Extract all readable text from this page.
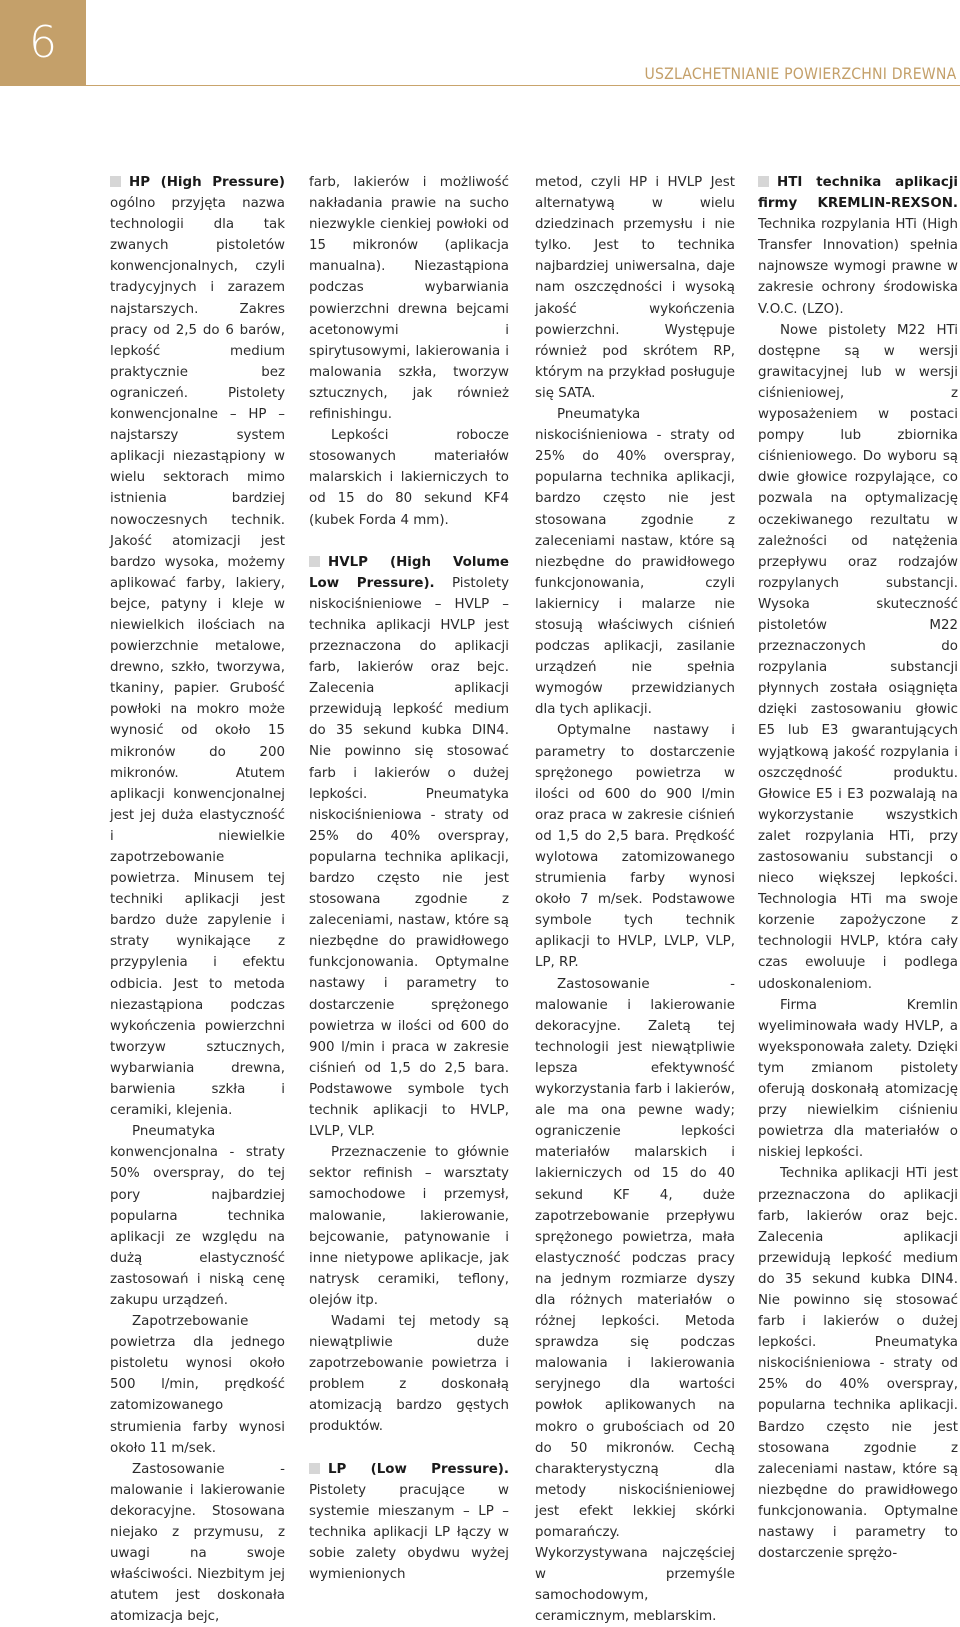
6
USZLACHETNIANIE POWIERZCHNI DREWNA

HP (High Pressure) ogólno przyjęta nazwa technologii dla tak zwanych pistoletów konwencjonalnych, czyli tradycyjnych i zarazem najstarszych. Zakres pracy od 2,5 do 6 barów, lepkość medium praktycznie bez ograniczeń. Pistolety konwencjonalne – HP – najstarszy system aplikacji niezastąpiony w wielu sektorach mimo istnienia bardziej nowoczesnych technik. Jakość atomizacji jest bardzo wysoka, możemy aplikować farby, lakiery, bejce, patyny i kleje w niewielkich ilościach na powierzchnie metalowe, drewno, szkło, tworzywa, tkaniny, papier. Grubość powłoki na mokro może wynosić od około 15 mikronów do 200 mikronów. Atutem aplikacji konwencjonalnej jest jej duża elastyczność i niewielkie zapotrzebowanie powietrza. Minusem tej techniki aplikacji jest bardzo duże zapylenie i straty wynikające z przypylenia i efektu odbicia. Jest to metoda niezastąpiona podczas wykończenia powierzchni tworzyw sztucznych, wybarwiania drewna, barwienia szkła i ceramiki, klejenia.

Pneumatyka konwencjonalna - straty 50% overspray, do tej pory najbardziej popularna technika aplikacji ze względu na dużą elastyczność zastosowań i niską cenę zakupu urządzeń.

Zapotrzebowanie powietrza dla jednego pistoletu wynosi około 500 l/min, prędkość zatomizowanego strumienia farby wynosi około 11 m/sek.

Zastosowanie - malowanie i lakierowanie dekoracyjne. Stosowana niejako z przymusu, z uwagi na swoje właściwości. Niezbitym jej atutem jest doskonała atomizacja bejc,

farb, lakierów i możliwość nakładania prawie na sucho niezwykle cienkiej powłoki od 15 mikronów (aplikacja manualna). Niezastąpiona podczas wybarwiania powierzchni drewna bejcami acetonowymi i spirytusowymi, lakierowania i malowania szkła, tworzyw sztucznych, jak również refinishingu.

Lepkości robocze stosowanych materiałów malarskich i lakierniczych to od 15 do 80 sekund KF4 (kubek Forda 4 mm).

HVLP (High Volume Low Pressure). Pistolety niskociśnieniowe – HVLP – technika aplikacji HVLP jest przeznaczona do aplikacji farb, lakierów oraz bejc. Zalecenia aplikacji przewidują lepkość medium do 35 sekund kubka DIN4. Nie powinno się stosować farb i lakierów o dużej lepkości. Pneumatyka niskociśnieniowa - straty od 25% do 40% overspray, popularna technika aplikacji, bardzo często nie jest stosowana zgodnie z zaleceniami, nastaw, które są niezbędne do prawidłowego funkcjonowania. Optymalne nastawy i parametry to dostarczenie sprężonego powietrza w ilości od 600 do 900 l/min i praca w zakresie ciśnień od 1,5 do 2,5 bara. Podstawowe symbole tych technik aplikacji to HVLP, LVLP, VLP.

Przeznaczenie to głównie sektor refinish – warsztaty samochodowe i przemysł, malowanie, lakierowanie, bejcowanie, patynowanie i inne nietypowe aplikacje, jak natrysk ceramiki, teflony, olejów itp.

Wadami tej metody są niewątpliwie duże zapotrzebowanie powietrza i problem z doskonałą atomizacją bardzo gęstych produktów.

LP (Low Pressure). Pistolety pracujące w systemie mieszanym – LP – technika aplikacji LP łączy w sobie zalety obydwu wyżej wymienionych

metod, czyli HP i HVLP Jest alternatywą w wielu dziedzinach przemysłu i nie tylko. Jest to technika najbardziej uniwersalna, daje nam oszczędności i wysoką jakość wykończenia powierzchni. Występuje również pod skrótem RP, którym na przykład posługuje się SATA.

Pneumatyka niskociśnieniowa - straty od 25% do 40% overspray, popularna technika aplikacji, bardzo często nie jest stosowana zgodnie z zaleceniami nastaw, które są niezbędne do prawidłowego funkcjonowania, czyli lakiernicy i malarze nie stosują właściwych ciśnień podczas aplikacji, zasilanie urządzeń nie spełnia wymogów przewidzianych dla tych aplikacji.

Optymalne nastawy i parametry to dostarczenie sprężonego powietrza w ilości od 600 do 900 l/min oraz praca w zakresie ciśnień od 1,5 do 2,5 bara. Prędkość wylotowa zatomizowanego strumienia farby wynosi około 7 m/sek. Podstawowe symbole tych technik aplikacji to HVLP, LVLP, VLP, LP, RP.

Zastosowanie - malowanie i lakierowanie dekoracyjne. Zaletą tej technologii jest niewątpliwie lepsza efektywność wykorzystania farb i lakierów, ale ma ona pewne wady; ograniczenie lepkości materiałów malarskich i lakierniczych od 15 do 40 sekund KF 4, duże zapotrzebowanie przepływu sprężonego powietrza, mała elastyczność podczas pracy na jednym rozmiarze dyszy dla różnych materiałów o różnej lepkości. Metoda sprawdza się podczas malowania i lakierowania seryjnego dla wartości powłok aplikowanych na mokro o grubościach od 20 do 50 mikronów. Cechą charakterystyczną dla metody niskociśnieniowej jest efekt lekkiej skórki pomarańczy. Wykorzystywana najczęściej w przemyśle samochodowym, ceramicznym, meblarskim.

HTI technika aplikacji firmy KREMLIN-REXSON. Technika rozpylania HTi (High Transfer Innovation) spełnia najnowsze wymogi prawne w zakresie ochrony środowiska V.O.C. (LZO).

Nowe pistolety M22 HTi dostępne są w wersji grawitacyjnej lub w wersji ciśnieniowej, z wyposażeniem w postaci pompy lub zbiornika ciśnieniowego. Do wyboru są dwie głowice rozpylające, co pozwala na optymalizację oczekiwanego rezultatu w zależności od natężenia przepływu oraz rodzajów rozpylanych substancji. Wysoka skuteczność pistoletów M22 przeznaczonych do rozpylania substancji płynnych została osiągnięta dzięki zastosowaniu głowic E5 lub E3 gwarantujących wyjątkową jakość rozpylania i oszczędność produktu. Głowice E5 i E3 pozwalają na wykorzystanie wszystkich zalet rozpylania HTi, przy zastosowaniu substancji o nieco większej lepkości. Technologia HTi ma swoje korzenie zapożyczone z technologii HVLP, która cały czas ewoluuje i podlega udoskonaleniom.

Firma Kremlin wyeliminowała wady HVLP, a wyeksponowała zalety. Dzięki tym zmianom pistolety oferują doskonałą atomizację przy niewielkim ciśnieniu powietrza dla materiałów o niskiej lepkości.

Technika aplikacji HTi jest przeznaczona do aplikacji farb, lakierów oraz bejc. Zalecenia aplikacji przewidują lepkość medium do 35 sekund kubka DIN4. Nie powinno się stosować farb i lakierów o dużej lepkości. Pneumatyka niskociśnieniowa - straty od 25% do 40% overspray, popularna technika aplikacji. Bardzo często nie jest stosowana zgodnie z zaleceniami nastaw, które są niezbędne do prawidłowego funkcjonowania. Optymalne nastawy i parametry to dostarczenie sprężo-
